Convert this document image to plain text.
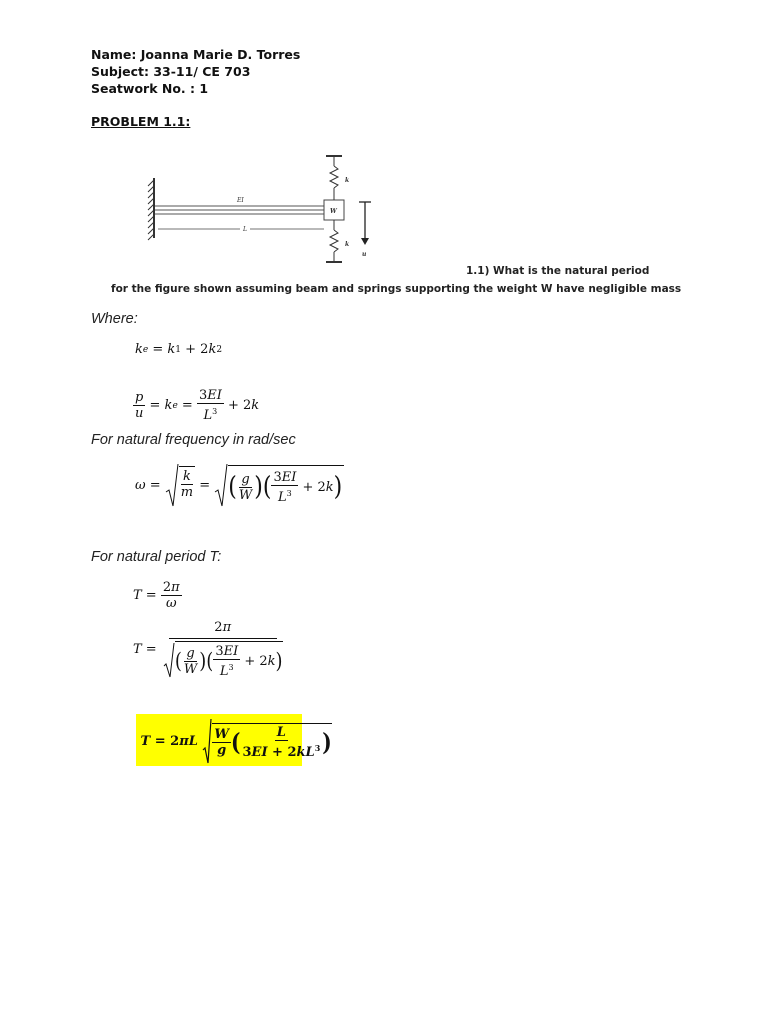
Name: Joanna Marie D. Torres
Subject: 33-11/ CE 703
Seatwork No. : 1
PROBLEM 1.1:
EI
L
W
k
k
u
1.1) What is the natural period
for the figure shown assuming beam and springs supporting the weight W have negligible mass
Where:
k e = k 1 + 2 k 2
$\frac{p}{u} = k$ $e = \frac{3EI}{L^3} + 2$ k
For natural frequency in rad/sec
$\omega = \frac{k}{m}$ = ( $\frac{g}{W}$ ) ( $\frac{3EI}{L^3} + 2$ k )
For natural period T:
$T = \frac{2\pi}{\omega}$
$T = \frac{2\pi}{( \frac{g}{W} ) ( \frac{3EI}{L^3} + 2 k )}$

T = 2 πL
$\frac{W}{g}$ ( $\frac{L}{3EI + 2kL^3}$ )
